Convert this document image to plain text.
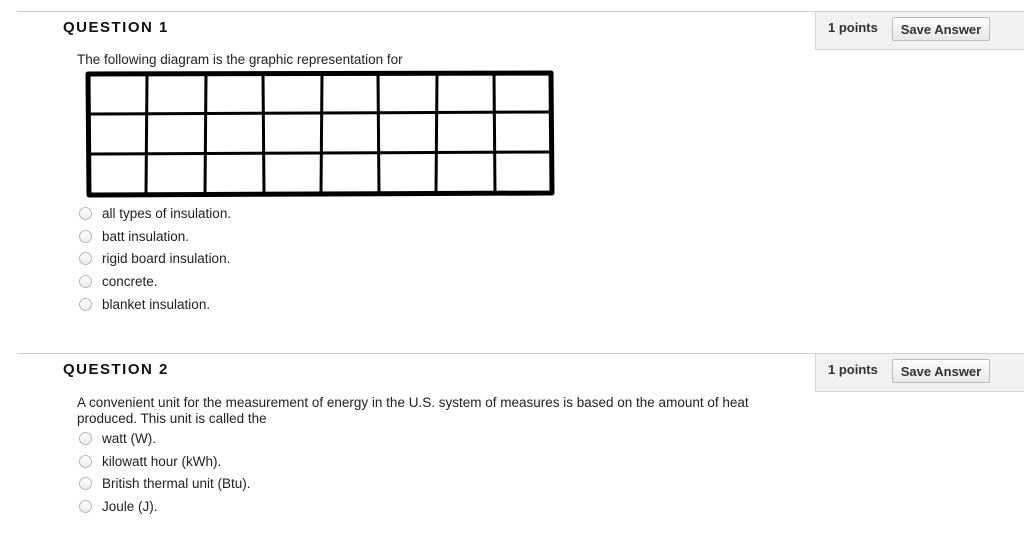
QUESTION 1	1 points	Save Answer
The following diagram is the graphic representation for
all types of insulation.
batt insulation.
rigid board insulation.
concrete.
blanket insulation.
QUESTION 2	1 points	Save Answer
A convenient unit for the measurement of energy in the U.S. system of measures is based on the amount of heat produced. This unit is called the
watt (W).
kilowatt hour (kWh).
British thermal unit (Btu).
Joule (J).
